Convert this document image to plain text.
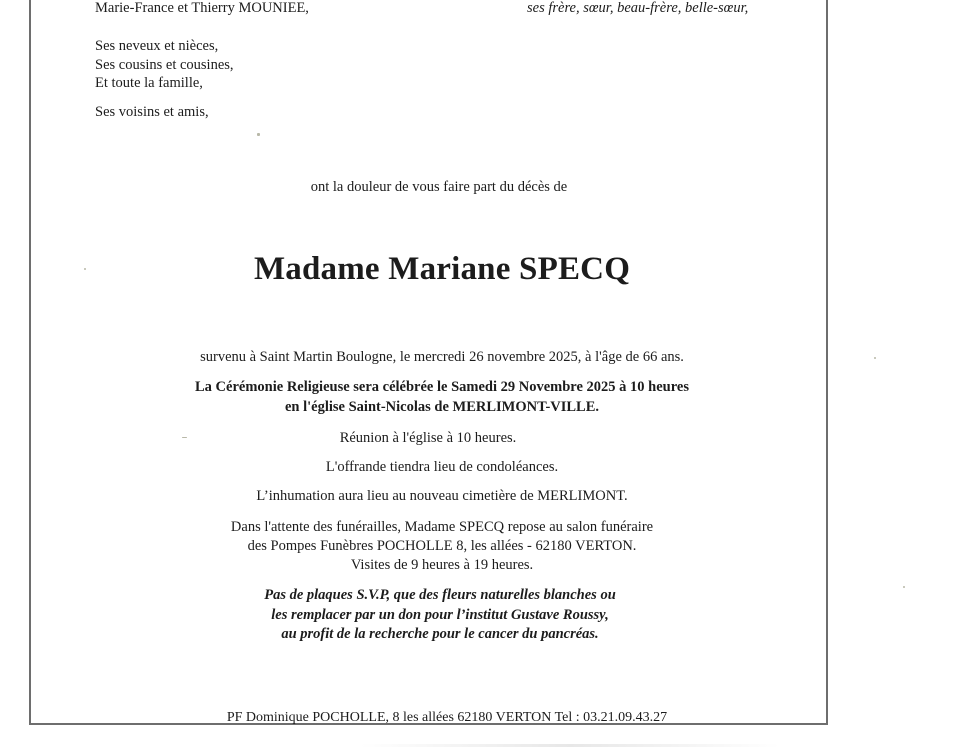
Marie-France et Thierry MOUNIEE,	ses frère, sœur, beau-frère, belle-sœur,
Ses neveux et nièces,
Ses cousins et cousines,
Et toute la famille,
Ses voisins et amis,
ont la douleur de vous faire part du décès de
Madame Mariane SPECQ
survenu à Saint Martin Boulogne, le mercredi 26 novembre 2025, à l'âge de 66 ans.
La Cérémonie Religieuse sera célébrée le Samedi 29 Novembre 2025 à 10 heures
en l'église Saint-Nicolas de MERLIMONT-VILLE.
Réunion à l'église à 10 heures.
L'offrande tiendra lieu de condoléances.
L’inhumation aura lieu au nouveau cimetière de MERLIMONT.
Dans l'attente des funérailles, Madame SPECQ repose au salon funéraire
des Pompes Funèbres POCHOLLE 8, les allées - 62180 VERTON.
Visites de 9 heures à 19 heures.
Pas de plaques S.V.P, que des fleurs naturelles blanches ou
les remplacer par un don pour l’institut Gustave Roussy,
au profit de la recherche pour le cancer du pancréas.
PF Dominique POCHOLLE, 8 les allées 62180 VERTON Tel : 03.21.09.43.27
